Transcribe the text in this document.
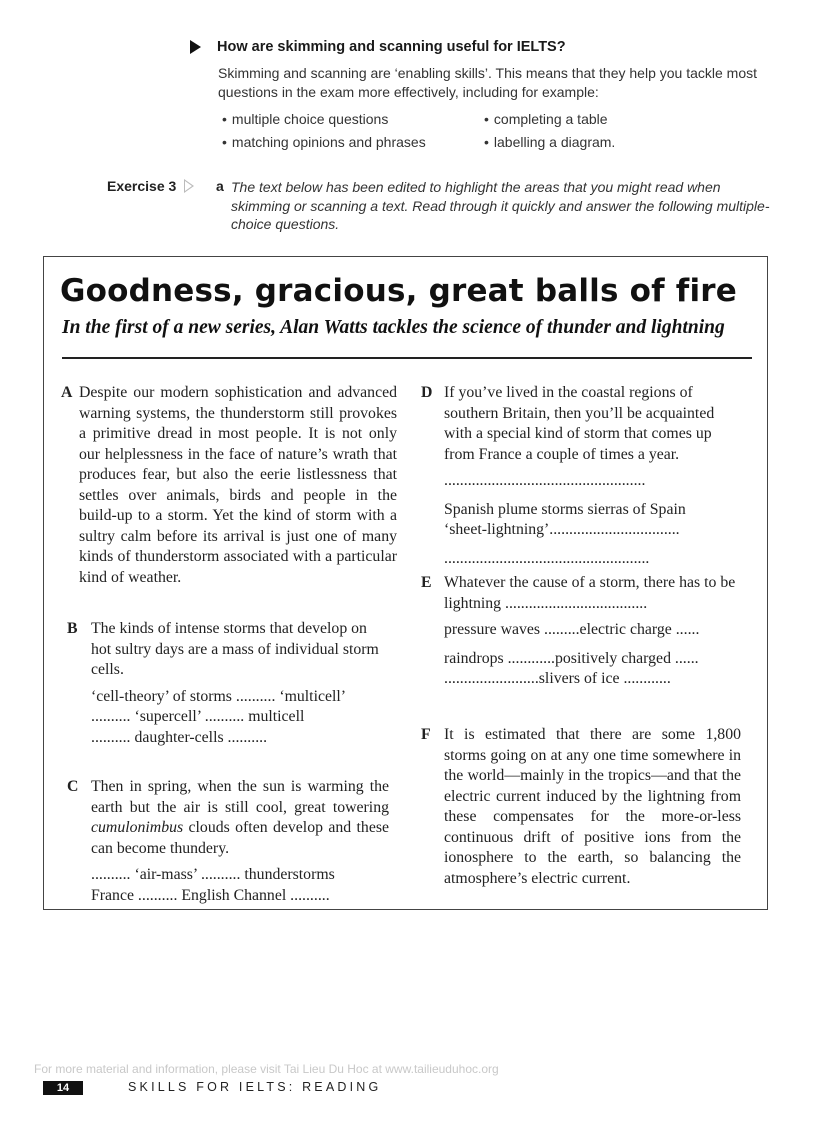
How are skimming and scanning useful for IELTS?
Skimming and scanning are ‘enabling skills’. This means that they help you tackle most questions in the exam more effectively, including for example:
• multiple choice questions	• completing a table
• matching opinions and phrases	• labelling a diagram.
Exercise 3	a The text below has been edited to highlight the areas that you might read when skimming or scanning a text. Read through it quickly and answer the following multiple-choice questions.
Goodness, gracious, great balls of fire
In the first of a new series, Alan Watts tackles the science of thunder and lightning
A Despite our modern sophistication and advanced warning systems, the thunderstorm still provokes a primitive dread in most people. It is not only our helplessness in the face of nature’s wrath that produces fear, but also the eerie listlessness that settles over animals, birds and people in the build-up to a storm. Yet the kind of storm with a sultry calm before its arrival is just one of many kinds of thunderstorm associated with a particular kind of weather.

B The kinds of intense storms that develop on hot sultry days are a mass of individual storm cells.

‘cell-theory’ of storms .......... ‘multicell’
.......... ‘supercell’ .......... multicell
.......... daughter-cells ..........
C Then in spring, when the sun is warming the earth but the air is still cool, great towering cumulonimbus clouds often develop and these can become thundery.

.......... ‘air-mass’ .......... thunderstorms
France .......... English Channel ..........
D If you’ve lived in the coastal regions of southern Britain, then you’ll be acquainted with a special kind of storm that comes up from France a couple of times a year.

...................................................
Spanish plume storms sierras of Spain
‘sheet-lightning’.................................
....................................................
E Whatever the cause of a storm, there has to be lightning ....................................

pressure waves .........electric charge ......
raindrops ............positively charged ......
........................slivers of ice ............
F It is estimated that there are some 1,800 storms going on at any one time somewhere in the world—mainly in the tropics—and that the electric current induced by the lightning from these compensates for the more-or-less continuous drift of positive ions from the ionosphere to the earth, so balancing the atmosphere’s electric current.

For more material and information, please visit Tai Lieu Du Hoc at www.tailieuduhoc.org
14	SKILLS FOR IELTS: READING
